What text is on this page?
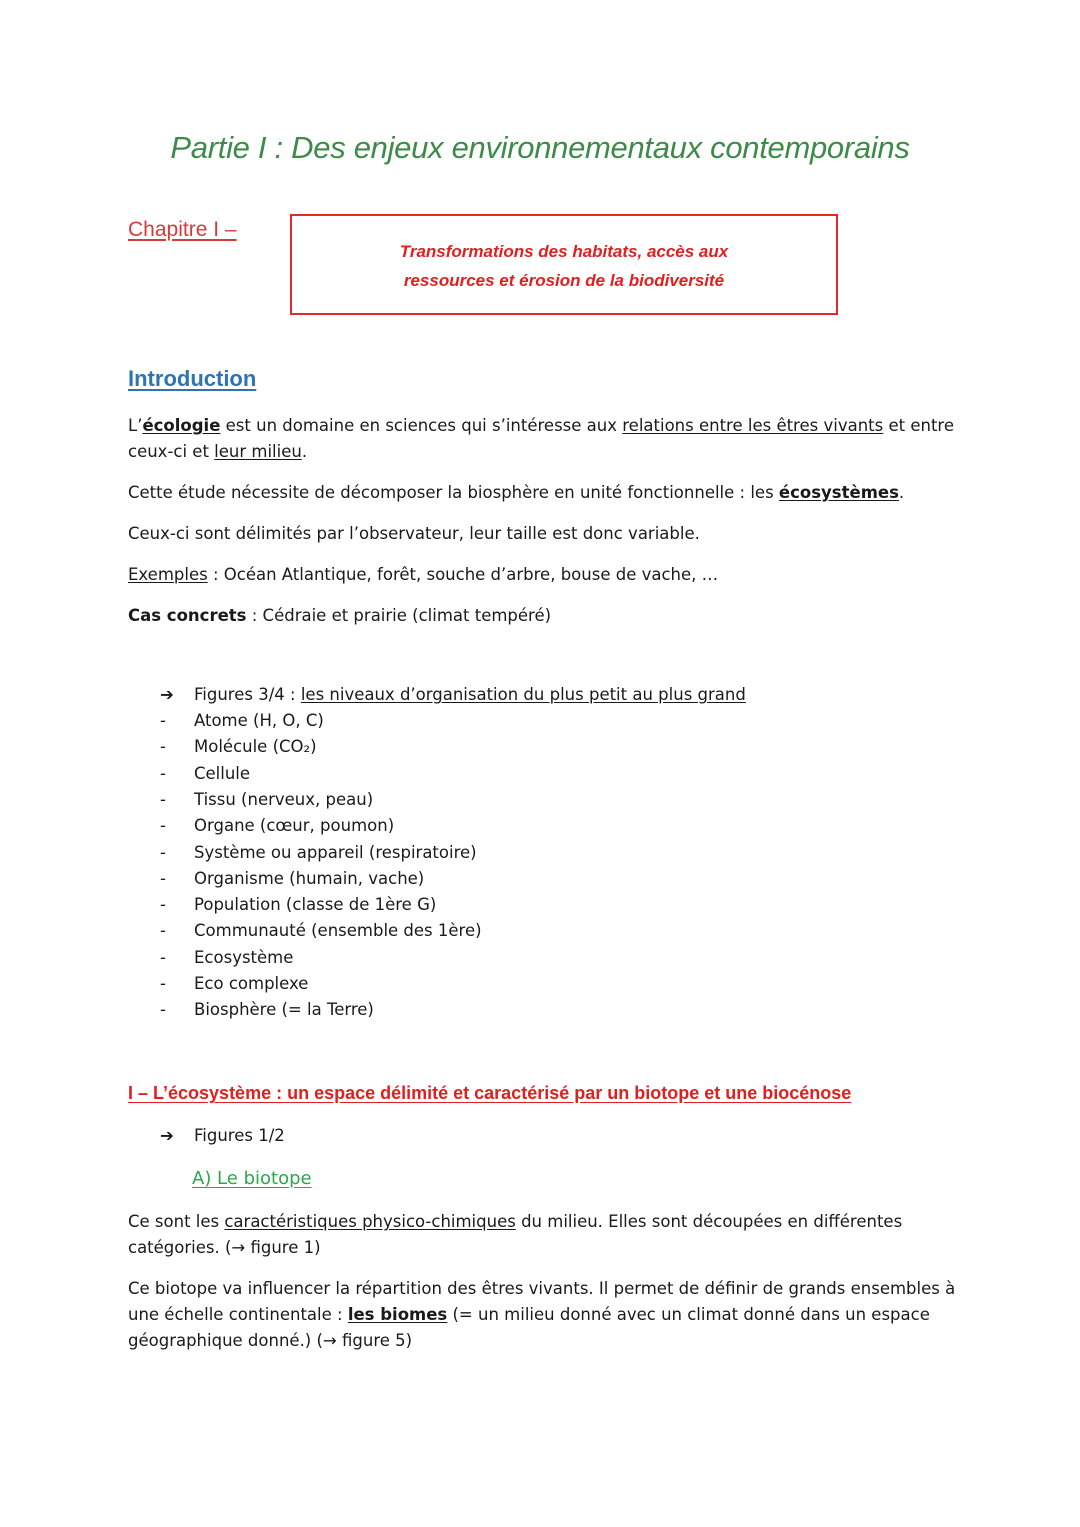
Partie I : Des enjeux environnementaux contemporains
Chapitre I –
Transformations des habitats, accès aux
ressources et érosion de la biodiversité
Introduction
L’écologie est un domaine en sciences qui s’intéresse aux relations entre les êtres vivants et entre
ceux-ci et leur milieu.
Cette étude nécessite de décomposer la biosphère en unité fonctionnelle : les écosystèmes.
Ceux-ci sont délimités par l’observateur, leur taille est donc variable.
Exemples : Océan Atlantique, forêt, souche d’arbre, bouse de vache, …
Cas concrets : Cédraie et prairie (climat tempéré)
➔ Figures 3/4 : les niveaux d’organisation du plus petit au plus grand
- Atome (H, O, C)
- Molécule (CO₂)
- Cellule
- Tissu (nerveux, peau)
- Organe (cœur, poumon)
- Système ou appareil (respiratoire)
- Organisme (humain, vache)
- Population (classe de 1ère G)
- Communauté (ensemble des 1ère)
- Ecosystème
- Eco complexe
- Biosphère (= la Terre)
I – L’écosystème : un espace délimité et caractérisé par un biotope et une biocénose
➔ Figures 1/2
A) Le biotope
Ce sont les caractéristiques physico-chimiques du milieu. Elles sont découpées en différentes
catégories. (→ figure 1)
Ce biotope va influencer la répartition des êtres vivants. Il permet de définir de grands ensembles à
une échelle continentale : les biomes (= un milieu donné avec un climat donné dans un espace
géographique donné.) (→ figure 5)
